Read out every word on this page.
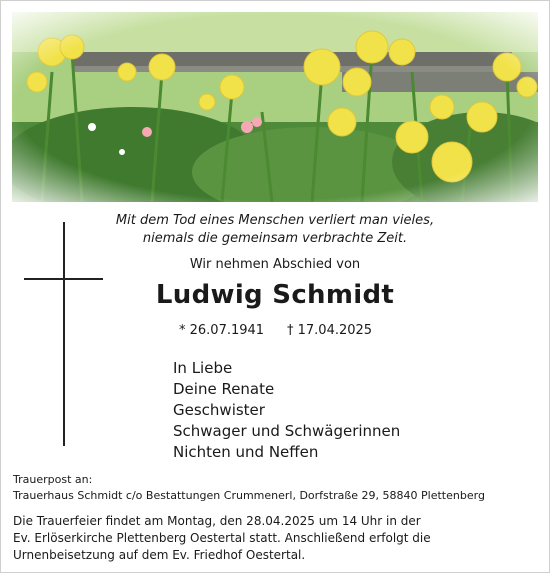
Mit dem Tod eines Menschen verliert man vieles,
niemals die gemeinsam verbrachte Zeit.
Wir nehmen Abschied von
Ludwig Schmidt
* 26.07.1941 † 17.04.2025
In Liebe
Deine Renate
Geschwister
Schwager und Schwägerinnen
Nichten und Neffen
Trauerpost an:
Trauerhaus Schmidt c/o Bestattungen Crummenerl, Dorfstraße 29, 58840 Plettenberg
Die Trauerfeier findet am Montag, den 28.04.2025 um 14 Uhr in der
Ev. Erlöserkirche Plettenberg Oestertal statt. Anschließend erfolgt die
Urnenbeisetzung auf dem Ev. Friedhof Oestertal.
